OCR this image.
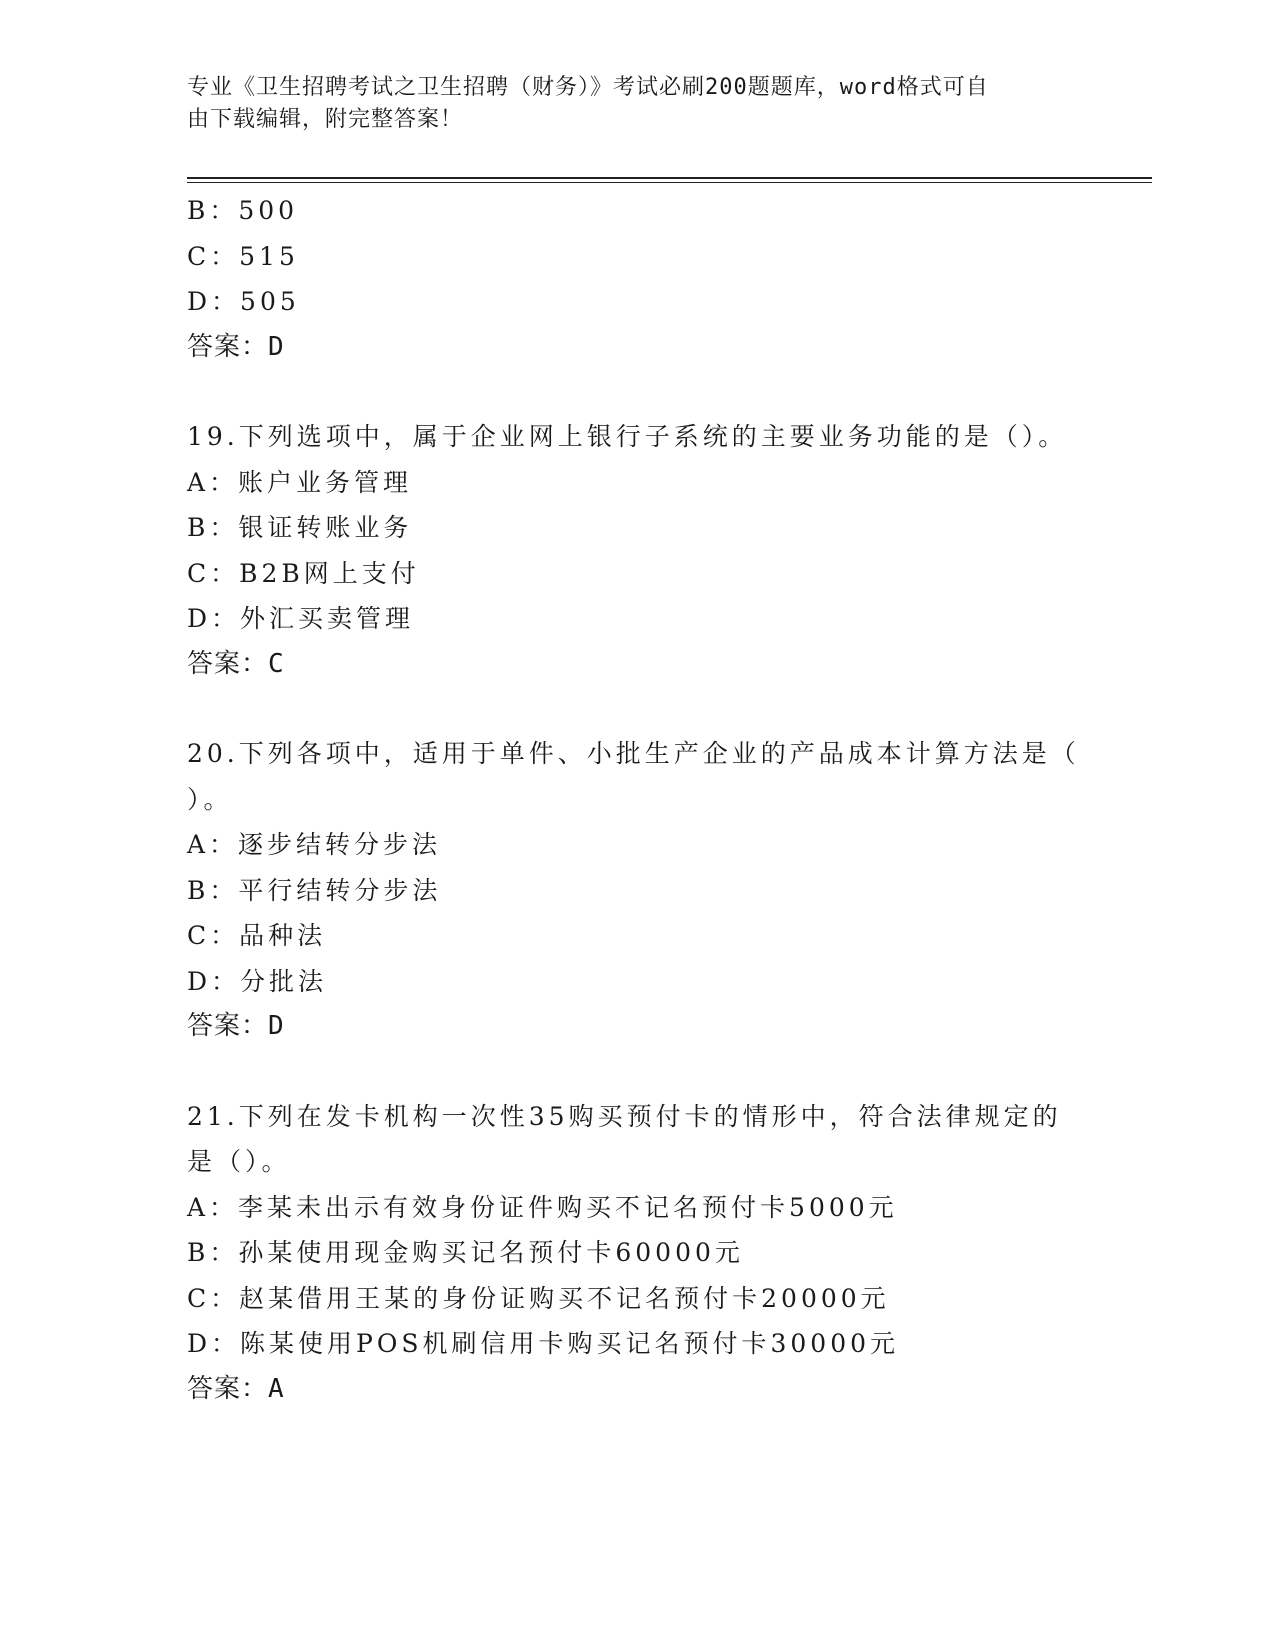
专业《卫生招聘考试之卫生招聘（财务）》考试必刷200题题库，word格式可自
由下载编辑，附完整答案！
B：500
C：515
D：505
答案：D
19.下列选项中，属于企业网上银行子系统的主要业务功能的是（）。
A：账户业务管理
B：银证转账业务
C：B2B网上支付
D：外汇买卖管理
答案：C
20.下列各项中，适用于单件、小批生产企业的产品成本计算方法是（
）。
A：逐步结转分步法
B：平行结转分步法
C：品种法
D：分批法
答案：D
21.下列在发卡机构一次性35购买预付卡的情形中，符合法律规定的
是（）。
A：李某未出示有效身份证件购买不记名预付卡5000元
B：孙某使用现金购买记名预付卡60000元
C：赵某借用王某的身份证购买不记名预付卡20000元
D：陈某使用POS机刷信用卡购买记名预付卡30000元
答案：A
